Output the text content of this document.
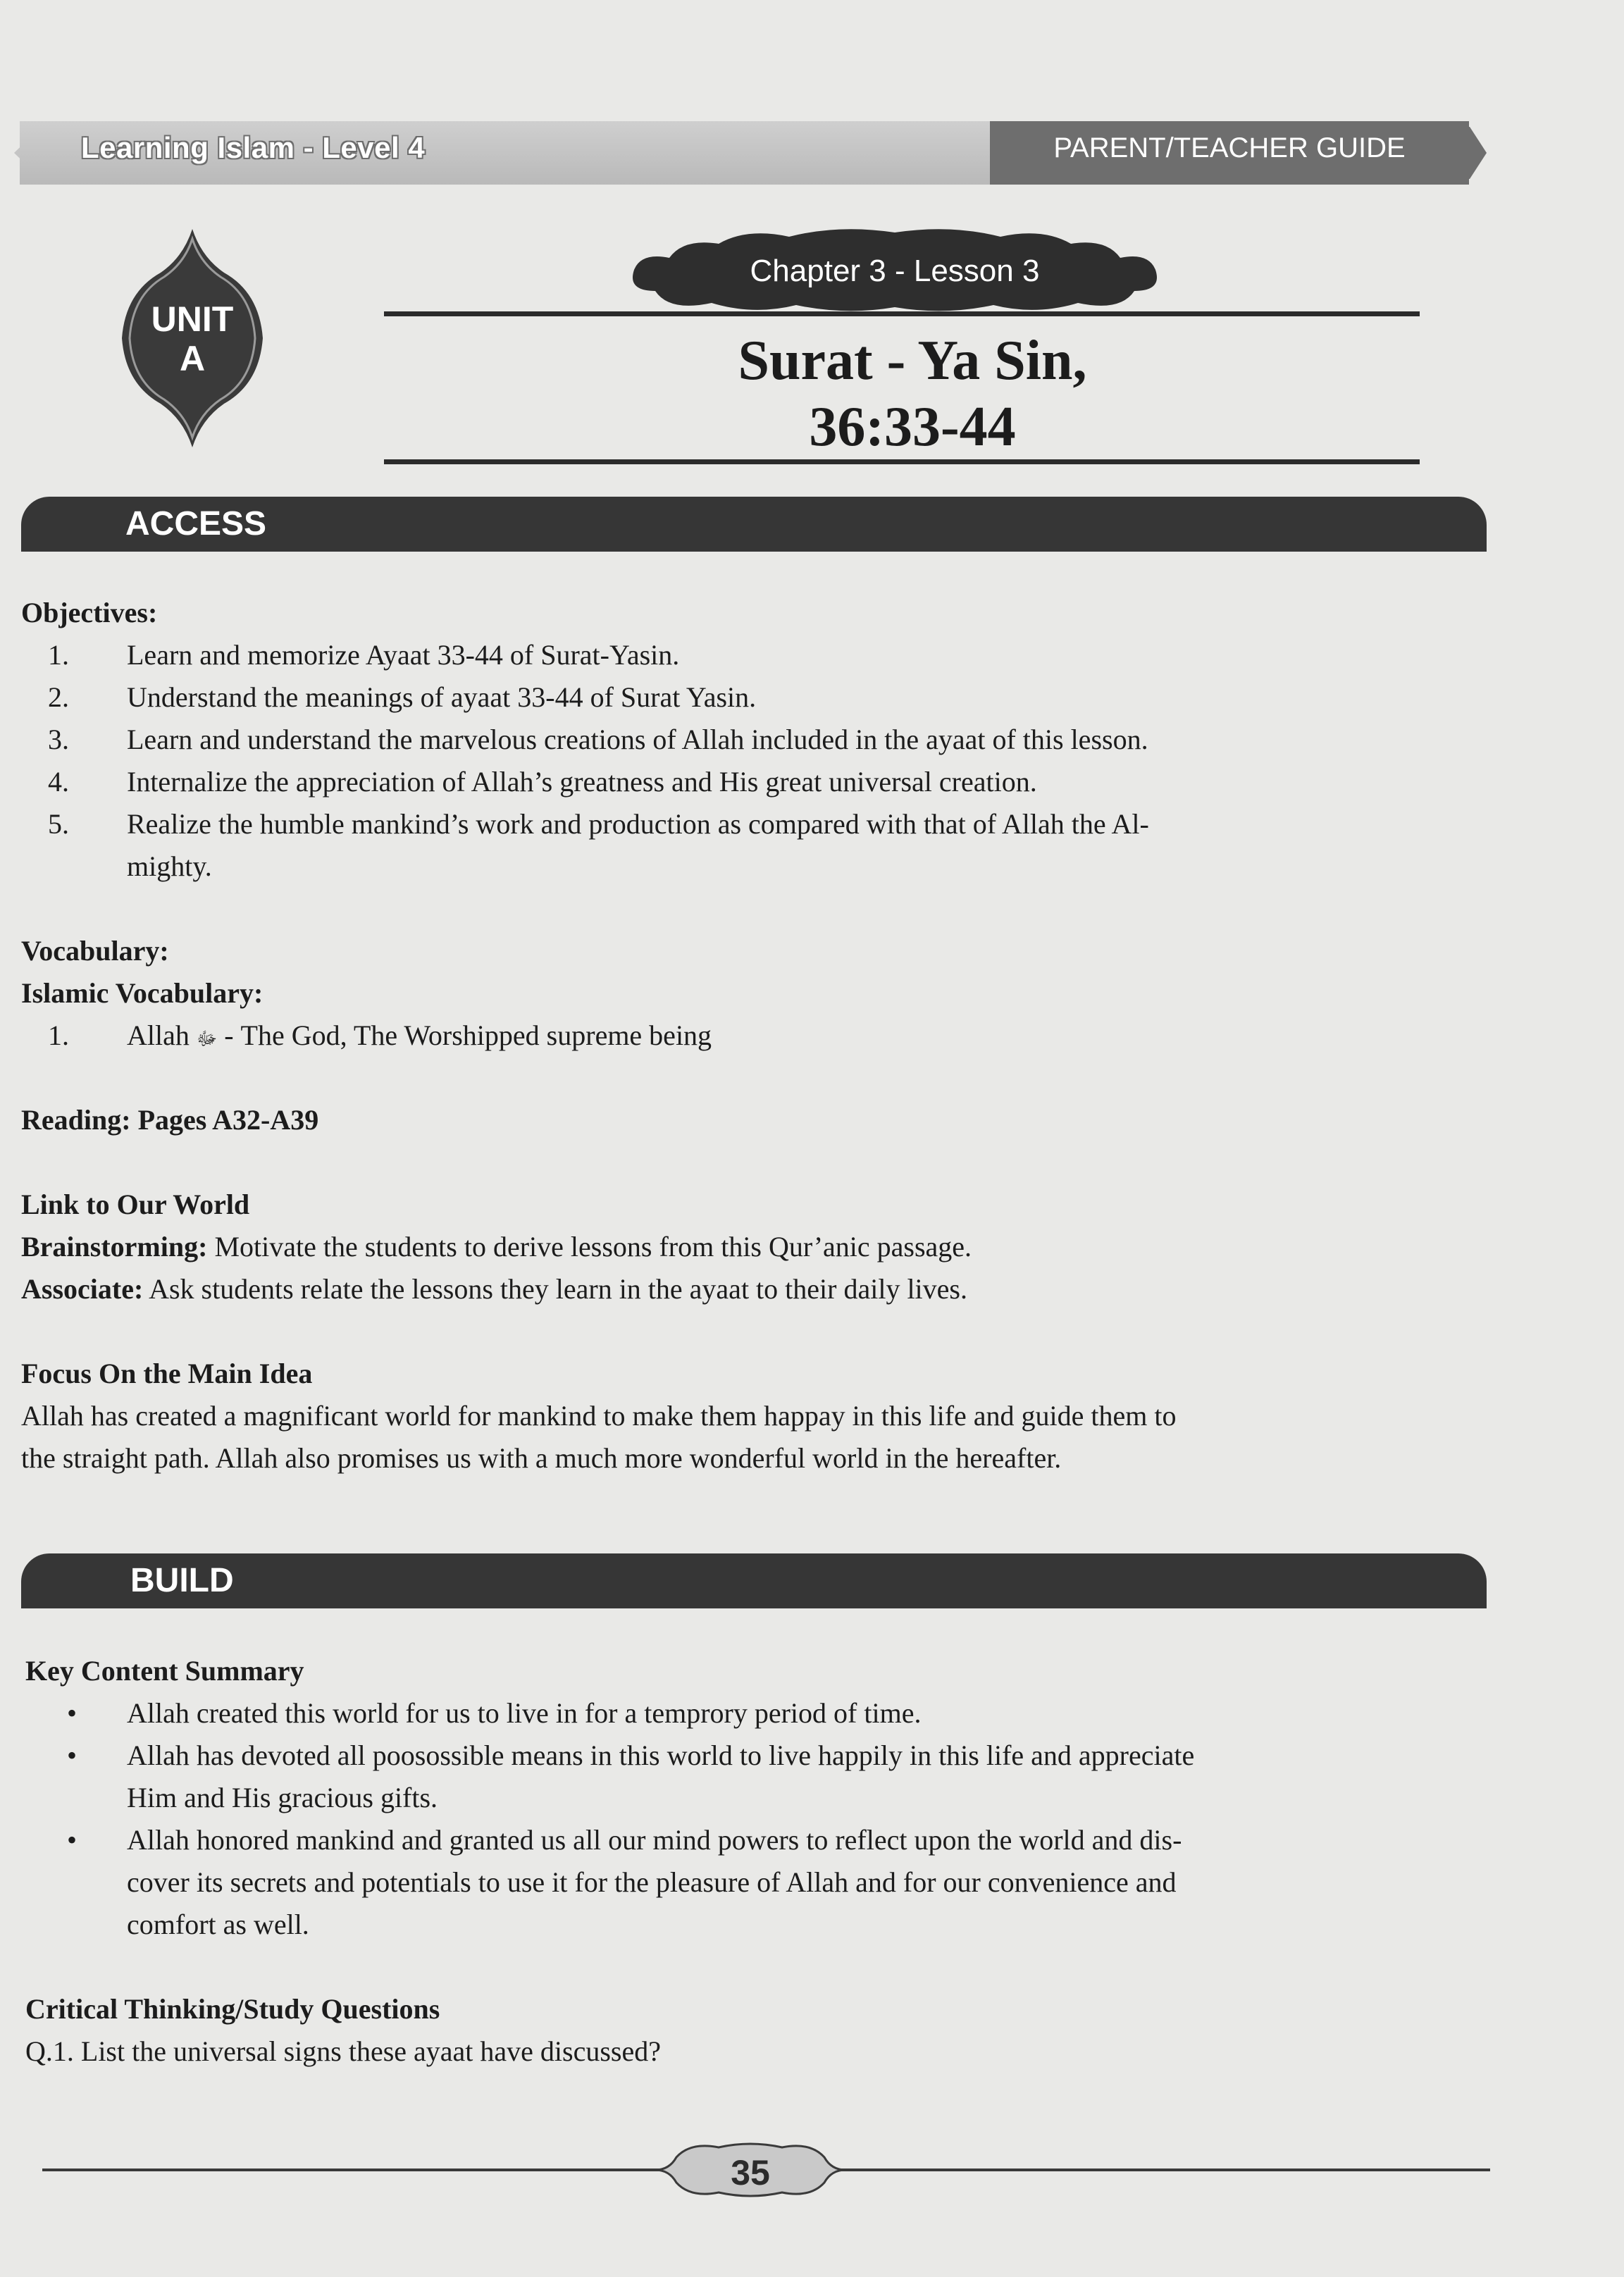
Learning Islam - Level 4	PARENT/TEACHER GUIDE
UNIT
A
Chapter 3 - Lesson 3
Surat - Ya Sin,
36:33-44
ACCESS
Objectives:
1. Learn and memorize Ayaat 33-44 of Surat-Yasin.
2. Understand the meanings of ayaat 33-44 of Surat Yasin.
3. Learn and understand the marvelous creations of Allah included in the ayaat of this lesson.
4. Internalize the appreciation of Allah’s greatness and His great universal creation.
5. Realize the humble mankind’s work and production as compared with that of Allah the Al-
mighty.
Vocabulary:
Islamic Vocabulary:
1. Allah ﷻ - The God, The Worshipped supreme being
Reading: Pages A32-A39
Link to Our World
Brainstorming: Motivate the students to derive lessons from this Qur’anic passage.
Associate: Ask students relate the lessons they learn in the ayaat to their daily lives.
Focus On the Main Idea
Allah has created a magnificant world for mankind to make them happay in this life and guide them to
the straight path. Allah also promises us with a much more wonderful world in the hereafter.
BUILD
Key Content Summary
• Allah created this world for us to live in for a temprory period of time.
• Allah has devoted all poosossible means in this world to live happily in this life and appreciate
Him and His gracious gifts.
• Allah honored mankind and granted us all our mind powers to reflect upon the world and dis-
cover its secrets and potentials to use it for the pleasure of Allah and for our convenience and
comfort as well.
Critical Thinking/Study Questions
Q.1. List the universal signs these ayaat have discussed?
35
